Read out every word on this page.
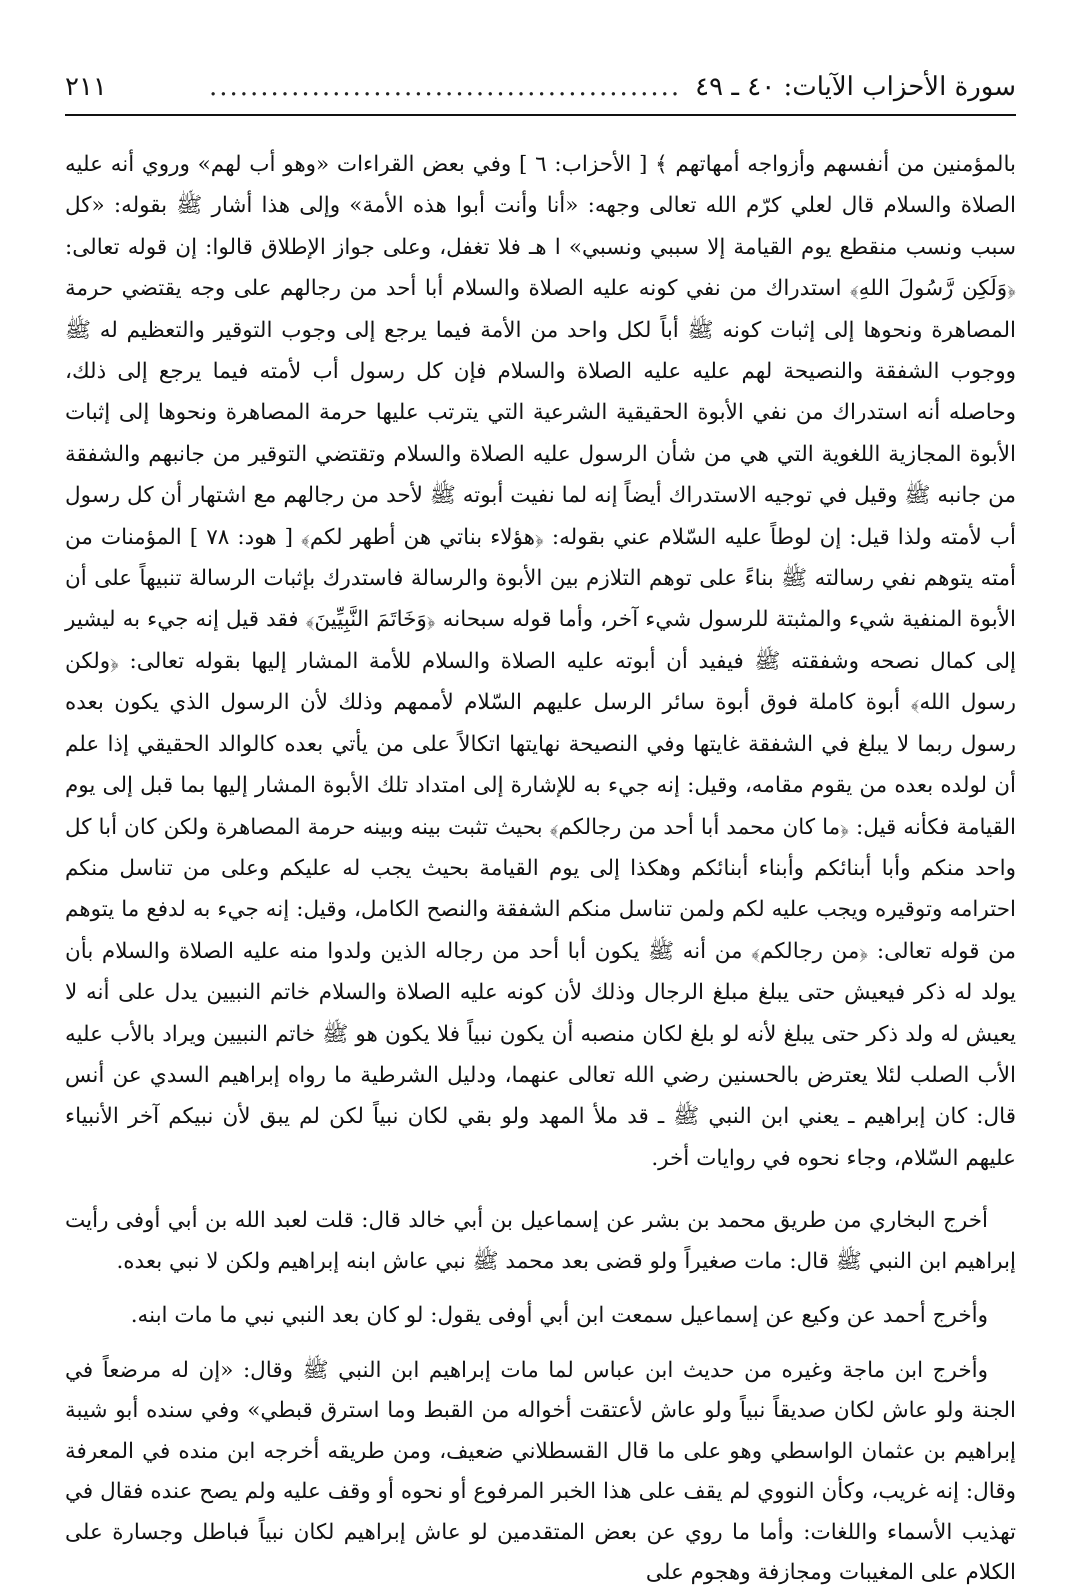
سورة الأحزاب الآيات: ٤٠ ـ ٤٩
..............................................
٢١١

بالمؤمنين من أنفسهم وأزواجه أمهاتهم ﴾ [ الأحزاب: ٦ ] وفي بعض القراءات «وهو أب لهم» وروي أنه عليه الصلاة والسلام قال لعلي كرّم الله تعالى وجهه: «أنا وأنت أبوا هذه الأمة» وإلى هذا أشار ﷺ بقوله: «كل سبب ونسب منقطع يوم القيامة إلا سببي ونسبي» ا هـ فلا تغفل، وعلى جواز الإطلاق قالوا: إن قوله تعالى: ﴿وَلَكِن رَّسُولَ اللهِ﴾ استدراك من نفي كونه عليه الصلاة والسلام أبا أحد من رجالهم على وجه يقتضي حرمة المصاهرة ونحوها إلى إثبات كونه ﷺ أباً لكل واحد من الأمة فيما يرجع إلى وجوب التوقير والتعظيم له ﷺ ووجوب الشفقة والنصيحة لهم عليه عليه الصلاة والسلام فإن كل رسول أب لأمته فيما يرجع إلى ذلك، وحاصله أنه استدراك من نفي الأبوة الحقيقية الشرعية التي يترتب عليها حرمة المصاهرة ونحوها إلى إثبات الأبوة المجازية اللغوية التي هي من شأن الرسول عليه الصلاة والسلام وتقتضي التوقير من جانبهم والشفقة من جانبه ﷺ وقيل في توجيه الاستدراك أيضاً إنه لما نفيت أبوته ﷺ لأحد من رجالهم مع اشتهار أن كل رسول أب لأمته ولذا قيل: إن لوطاً عليه السّلام عني بقوله: ﴿هؤلاء بناتي هن أطهر لكم﴾ [ هود: ٧٨ ] المؤمنات من أمته يتوهم نفي رسالته ﷺ بناءً على توهم التلازم بين الأبوة والرسالة فاستدرك بإثبات الرسالة تنبيهاً على أن الأبوة المنفية شيء والمثبتة للرسول شيء آخر، وأما قوله سبحانه ﴿وَخَاتَمَ النَّبِيِّينَ﴾ فقد قيل إنه جيء به ليشير إلى كمال نصحه وشفقته ﷺ فيفيد أن أبوته عليه الصلاة والسلام للأمة المشار إليها بقوله تعالى: ﴿ولكن رسول الله﴾ أبوة كاملة فوق أبوة سائر الرسل عليهم السّلام لأممهم وذلك لأن الرسول الذي يكون بعده رسول ربما لا يبلغ في الشفقة غايتها وفي النصيحة نهايتها اتكالاً على من يأتي بعده كالوالد الحقيقي إذا علم أن لولده بعده من يقوم مقامه، وقيل: إنه جيء به للإشارة إلى امتداد تلك الأبوة المشار إليها بما قبل إلى يوم القيامة فكأنه قيل: ﴿ما كان محمد أبا أحد من رجالكم﴾ بحيث تثبت بينه وبينه حرمة المصاهرة ولكن كان أبا كل واحد منكم وأبا أبنائكم وأبناء أبنائكم وهكذا إلى يوم القيامة بحيث يجب له عليكم وعلى من تناسل منكم احترامه وتوقيره ويجب عليه لكم ولمن تناسل منكم الشفقة والنصح الكامل، وقيل: إنه جيء به لدفع ما يتوهم من قوله تعالى: ﴿من رجالكم﴾ من أنه ﷺ يكون أبا أحد من رجاله الذين ولدوا منه عليه الصلاة والسلام بأن يولد له ذكر فيعيش حتى يبلغ مبلغ الرجال وذلك لأن كونه عليه الصلاة والسلام خاتم النبيين يدل على أنه لا يعيش له ولد ذكر حتى يبلغ لأنه لو بلغ لكان منصبه أن يكون نبياً فلا يكون هو ﷺ خاتم النبيين ويراد بالأب عليه الأب الصلب لئلا يعترض بالحسنين رضي الله تعالى عنهما، ودليل الشرطية ما رواه إبراهيم السدي عن أنس قال: كان إبراهيم ـ يعني ابن النبي ﷺ ـ قد ملأ المهد ولو بقي لكان نبياً لكن لم يبق لأن نبيكم آخر الأنبياء عليهم السّلام، وجاء نحوه في روايات أخر.

أخرج البخاري من طريق محمد بن بشر عن إسماعيل بن أبي خالد قال: قلت لعبد الله بن أبي أوفى رأيت إبراهيم ابن النبي ﷺ قال: مات صغيراً ولو قضى بعد محمد ﷺ نبي عاش ابنه إبراهيم ولكن لا نبي بعده.

وأخرج أحمد عن وكيع عن إسماعيل سمعت ابن أبي أوفى يقول: لو كان بعد النبي نبي ما مات ابنه.

وأخرج ابن ماجة وغيره من حديث ابن عباس لما مات إبراهيم ابن النبي ﷺ وقال: «إن له مرضعاً في الجنة ولو عاش لكان صديقاً نبياً ولو عاش لأعتقت أخواله من القبط وما استرق قبطي» وفي سنده أبو شيبة إبراهيم بن عثمان الواسطي وهو على ما قال القسطلاني ضعيف، ومن طريقه أخرجه ابن منده في المعرفة وقال: إنه غريب، وكأن النووي لم يقف على هذا الخبر المرفوع أو نحوه أو وقف عليه ولم يصح عنده فقال في تهذيب الأسماء واللغات: وأما ما روي عن بعض المتقدمين لو عاش إبراهيم لكان نبياً فباطل وجسارة على الكلام على المغيبات ومجازفة وهجوم على
